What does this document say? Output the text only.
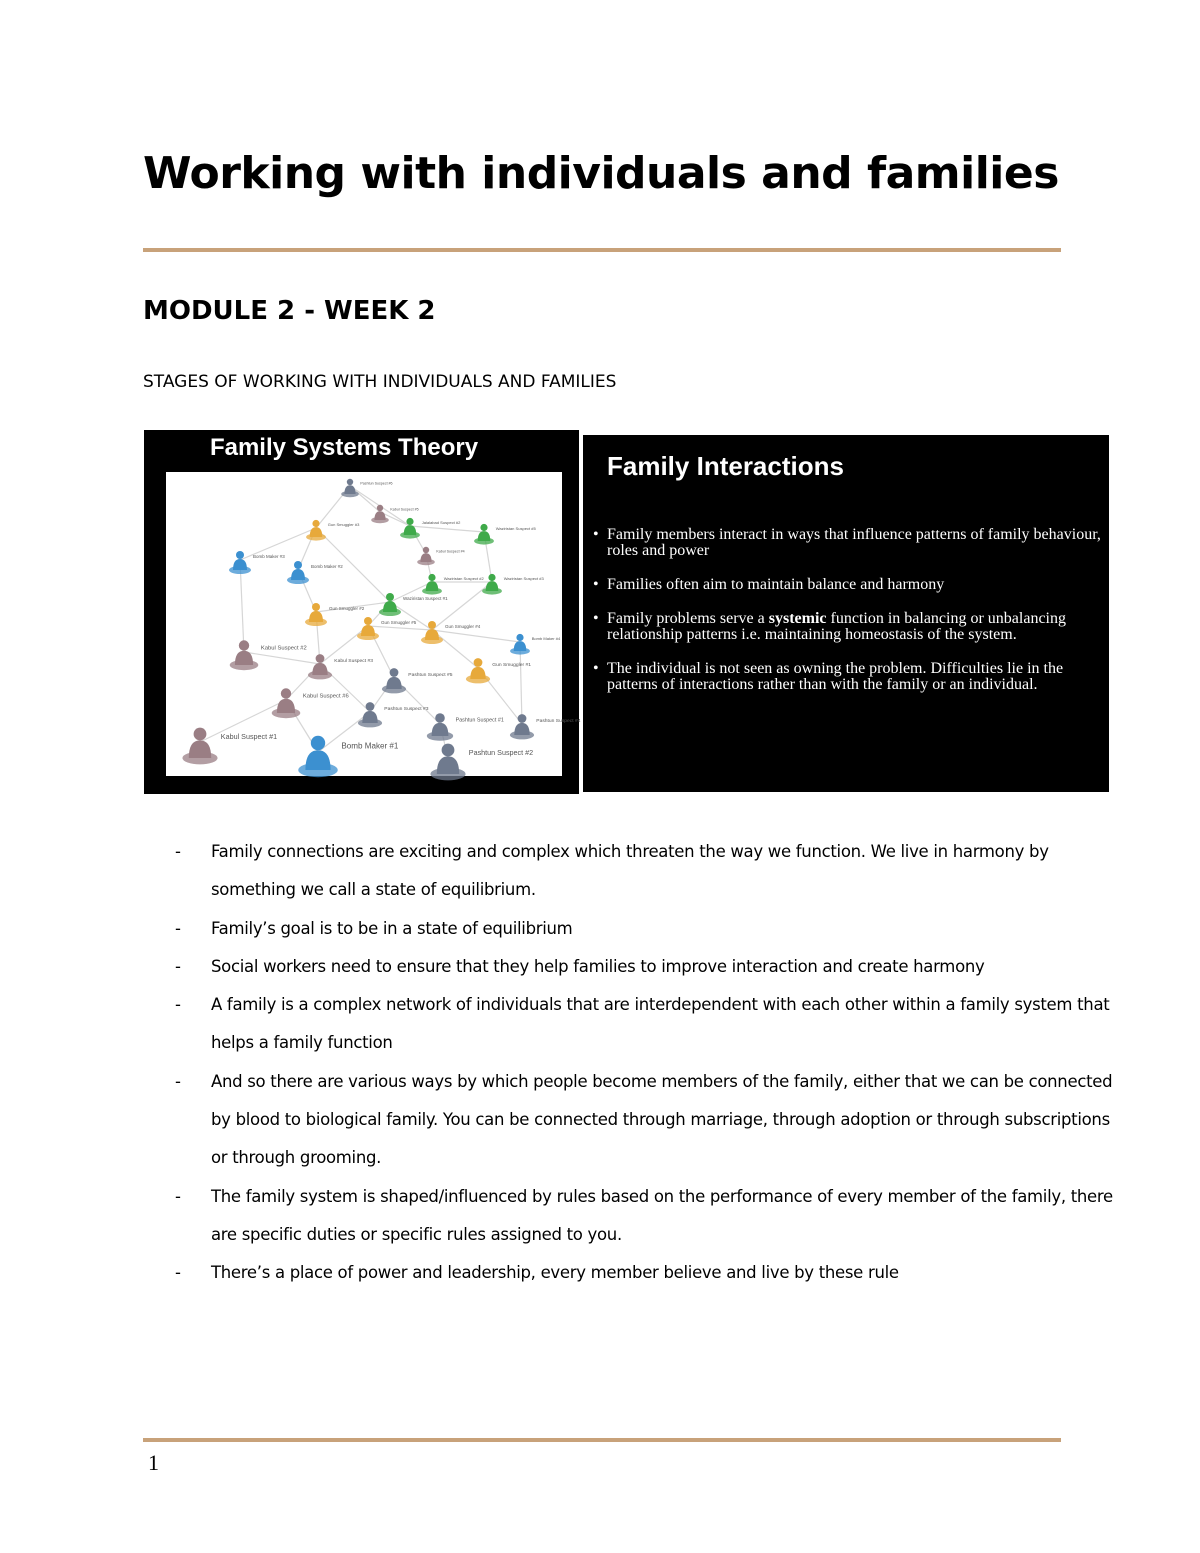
Working with individuals and families
MODULE 2 - WEEK 2

STAGES OF WORKING WITH INDIVIDUALS AND FAMILIES

Family Systems Theory
Pashtun Suspect #6
Kabul Suspect #5
Gun Smuggler #3	Jalalabad Suspect #2
Waziristan Suspect #5
Bomb Maker #3
Bomb Maker #2
Kabul Suspect #4
Waziristan Suspect #2
Waziristan Suspect #1
Waziristan Suspect #3
Gun Smuggler #2
Gun Smuggler #5
Gun Smuggler #4
Bomb Maker #4
Kabul Suspect #2
Kabul Suspect #3
Pashtun Suspect #5
Gun Smuggler #1
Kabul Suspect #6
Pashtun Suspect #3
Pashtun Suspect #1	Pashtun Suspect #4
Kabul Suspect #1
Bomb Maker #1
Pashtun Suspect #2
Family Interactions
• Family members interact in ways that influence patterns of family behaviour, roles and power
• Families often aim to maintain balance and harmony
• Family problems serve a systemic function in balancing or unbalancing relationship patterns i.e. maintaining homeostasis of the system.
• The individual is not seen as owning the problem. Difficulties lie in the patterns of interactions rather than with the family or an individual.
- Family connections are exciting and complex which threaten the way we function. We live in harmony by something we call a state of equilibrium.
- Family’s goal is to be in a state of equilibrium
- Social workers need to ensure that they help families to improve interaction and create harmony
- A family is a complex network of individuals that are interdependent with each other within a family system that helps a family function
- And so there are various ways by which people become members of the family, either that we can be connected by blood to biological family. You can be connected through marriage, through adoption or through subscriptions or through grooming.
- The family system is shaped/influenced by rules based on the performance of every member of the family, there are specific duties or specific rules assigned to you.
- There’s a place of power and leadership, every member believe and live by these rule
1
